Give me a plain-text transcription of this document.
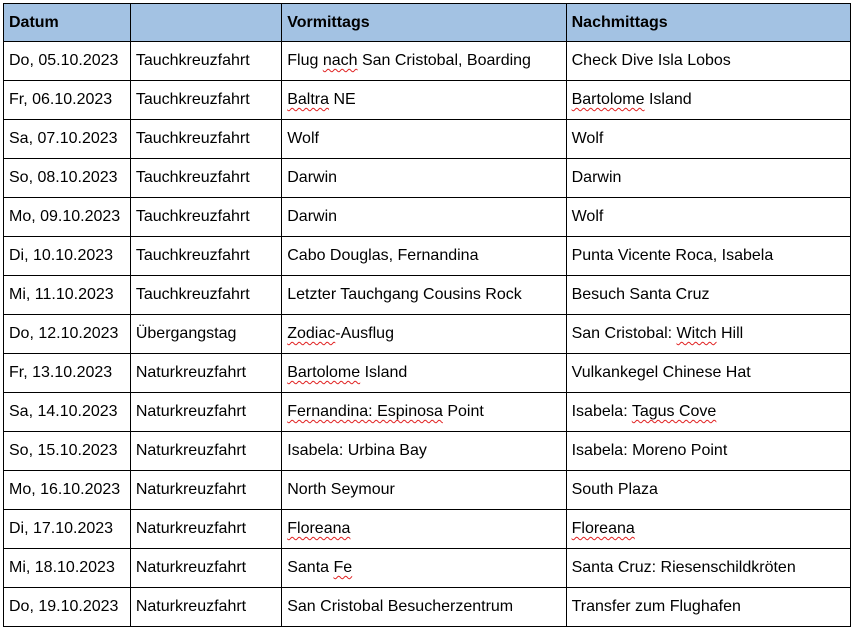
Datum		Vormittags	Nachmittags
Do, 05.10.2023	Tauchkreuzfahrt	Flug nach San Cristobal, Boarding	Check Dive Isla Lobos
Fr, 06.10.2023	Tauchkreuzfahrt	Baltra NE	Bartolome Island
Sa, 07.10.2023	Tauchkreuzfahrt	Wolf	Wolf
So, 08.10.2023	Tauchkreuzfahrt	Darwin	Darwin
Mo, 09.10.2023	Tauchkreuzfahrt	Darwin	Wolf
Di, 10.10.2023	Tauchkreuzfahrt	Cabo Douglas, Fernandina	Punta Vicente Roca, Isabela
Mi, 11.10.2023	Tauchkreuzfahrt	Letzter Tauchgang Cousins Rock	Besuch Santa Cruz
Do, 12.10.2023	Übergangstag	Zodiac-Ausflug	San Cristobal: Witch Hill
Fr, 13.10.2023	Naturkreuzfahrt	Bartolome Island	Vulkankegel Chinese Hat
Sa, 14.10.2023	Naturkreuzfahrt	Fernandina: Espinosa Point	Isabela: Tagus Cove
So, 15.10.2023	Naturkreuzfahrt	Isabela: Urbina Bay	Isabela: Moreno Point
Mo, 16.10.2023	Naturkreuzfahrt	North Seymour	South Plaza
Di, 17.10.2023	Naturkreuzfahrt	Floreana	Floreana
Mi, 18.10.2023	Naturkreuzfahrt	Santa Fe	Santa Cruz: Riesenschildkröten
Do, 19.10.2023	Naturkreuzfahrt	San Cristobal Besucherzentrum	Transfer zum Flughafen
